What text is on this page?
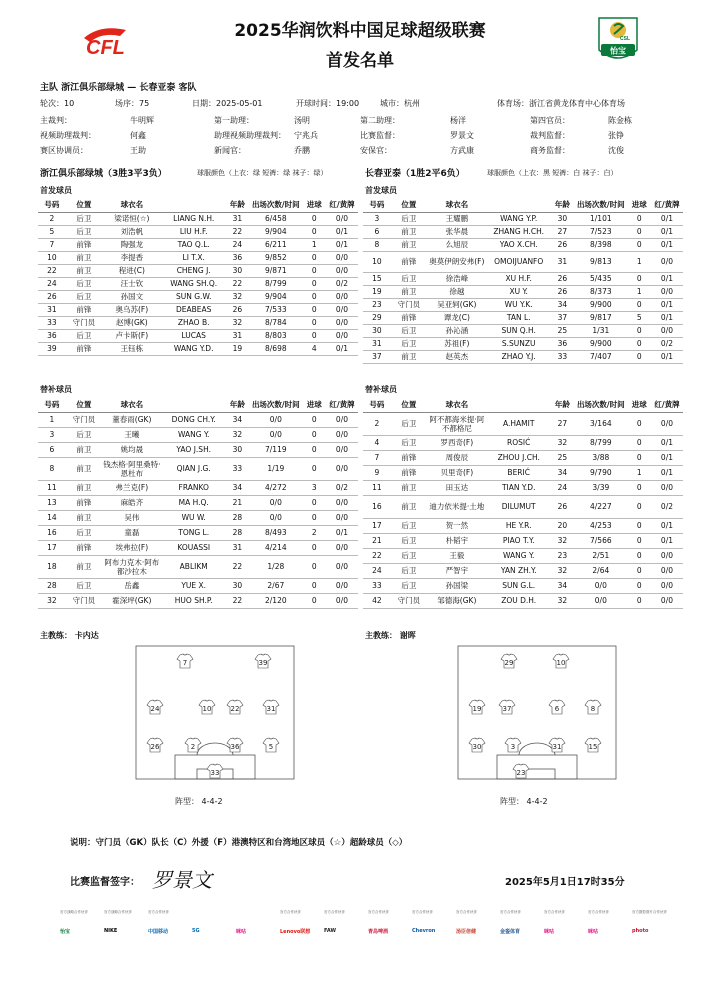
CFL	CSL
怡宝
2025华润饮料中国足球超级联赛
首发名单
主队 浙江俱乐部绿城 — 长春亚泰 客队
轮次：10	场序：75	日期：2025-05-01	开球时间：19:00	城市：杭州	体育场：浙江省黄龙体育中心体育场
主裁判：	牛明辉	第一助理：	汤明	第二助理：	杨洋	第四官员：	陈金栋
视频助理裁判：	何鑫	助理视频助理裁判： 宁兆兵	比赛监督：	罗景文	裁判监督：	张铮
赛区协调员：	王助	新闻官：	乔鹏	安保官：	方武康	商务监督：	沈俊
浙江俱乐部绿城（3胜3平3负）	球服颜色（上衣：绿 短裤：绿 袜子：绿）	长春亚泰（1胜2平6负）	球服颜色（上衣：黑 短裤：白 袜子：白）
首发球员	首发球员
号码	位置	球衣名		年龄	出场次数/时间	进球	红/黄牌
2	后卫	梁诺恒(☆)	LIANG N.H.	31	6/458	0	0/0
5	后卫	刘浩帆	LIU H.F.	22	9/904	0	0/1
7	前锋	陶强龙	TAO Q.L.	24	6/211	1	0/1
10	前卫	李提香	LI T.X.	36	9/852	0	0/0
22	前卫	程进(C)	CHENG J.	30	9/871	0	0/0
24	后卫	汪士钦	WANG SH.Q.	22	8/799	0	0/2
26	后卫	孙国文	SUN G.W.	32	9/904	0	0/0
31	前锋	奥乌苏(F)	DEABEAS	26	7/533	0	0/0
33	守门员	赵博(GK)	ZHAO B.	32	8/784	0	0/0
36	后卫	卢卡斯(F)	LUCAS	31	8/803	0	0/0
39	前锋	王钰栋	WANG Y.D.	19	8/698	4	0/1
号码	位置	球衣名		年龄	出场次数/时间	进球	红/黄牌
3	后卫	王耀鹏	WANG Y.P.	30	1/101	0	0/1
6	前卫	张华晨	ZHANG H.CH.	27	7/523	0	0/1
8	前卫	么旭辰	YAO X.CH.	26	8/398	0	0/1
10	前锋	奥莫伊朗安弗(F)	OMOIJUANFO	31	9/813	1	0/0
15	后卫	徐浩峰	XU H.F.	26	5/435	0	0/1
19	前卫	徐越	XU Y.	26	8/373	1	0/0
23	守门员	吴亚轲(GK)	WU Y.K.	34	9/900	0	0/1
29	前锋	谭龙(C)	TAN L.	37	9/817	5	0/1
30	后卫	孙沁涵	SUN Q.H.	25	1/31	0	0/0
31	后卫	苏祖(F)	S.SUNZU	36	9/900	0	0/2
37	前卫	赵英杰	ZHAO Y.J.	33	7/407	0	0/1
替补球员	替补球员
号码	位置	球衣名		年龄	出场次数/时间	进球	红/黄牌
1	守门员	董春雨(GK)	DONG CH.Y.	34	0/0	0	0/0
3	后卫	王曦	WANG Y.	32	0/0	0	0/0
6	前卫	姚均晟	YAO J.SH.	30	7/119	0	0/0
8	前卫	钱杰格·阿里桑特·恩杜布	QIAN J.G.	33	1/19	0	0/0
11	前卫	弗兰克(F)	FRANKO	34	4/272	3	0/2
13	前锋	麻皓齐	MA H.Q.	21	0/0	0	0/0
14	前卫	吴伟	WU W.	28	0/0	0	0/0
16	后卫	童磊	TONG L.	28	8/493	2	0/1
17	前锋	埃弗拉(F)	KOUASSI	31	4/214	0	0/0
18	前卫	阿布力克木·阿布都沙拉木	ABLIKM	22	1/28	0	0/0
28	后卫	岳鑫	YUE X.	30	2/67	0	0/0
32	守门员	霍深坪(GK)	HUO SH.P.	22	2/120	0	0/0
号码	位置	球衣名		年龄	出场次数/时间	进球	红/黄牌
2	后卫	阿不都海米提·阿不都格尼	A.HAMIT	27	3/164	0	0/0
4	后卫	罗西奇(F)	ROSIĆ	32	8/799	0	0/1
7	前锋	周俊辰	ZHOU J.CH.	25	3/88	0	0/1
9	前锋	贝里奇(F)	BERIĆ	34	9/790	1	0/1
11	前卫	田玉达	TIAN Y.D.	24	3/39	0	0/0
16	前卫	迪力依米提·土地	DILUMUT	26	4/227	0	0/2
17	后卫	贺一然	HE Y.R.	20	4/253	0	0/1
21	后卫	朴韬宇	PIAO T.Y.	32	7/566	0	0/1
22	后卫	王毅	WANG Y.	23	2/51	0	0/0
24	后卫	严智宇	YAN ZH.Y.	32	2/64	0	0/0
33	后卫	孙国梁	SUN G.L.	34	0/0	0	0/0
42	守门员	邹德海(GK)	ZOU D.H.	32	0/0	0	0/0
主教练： 卡内达	主教练： 谢晖
7	39
24	31
10	22
26	2	36	5
33
29	10
19	37	6	8
30	3	31	15
23
阵型： 4-4-2	阵型： 4-4-2
说明：守门员（GK）队长（C）外援（F）港澳特区和台湾地区球员（☆）超龄球员（◇）
比赛监督签字： 罗景文	2025年5月1日17时35分
官方战略合作伙伴
怡宝
官方战略合作伙伴
NIKE
官方合作伙伴
中国移动	5G	咪咕
官方合作伙伴
Lenovo联想
官方合作伙伴
FAW
官方合作伙伴
青岛啤酒
官方合作伙伴
Chevron
官方合作伙伴
汤臣倍健
官方合作伙伴
金銮体育
官方合作伙伴
咪咕
官方合作伙伴
咪咕
官方摄影图片合作伙伴
photo
